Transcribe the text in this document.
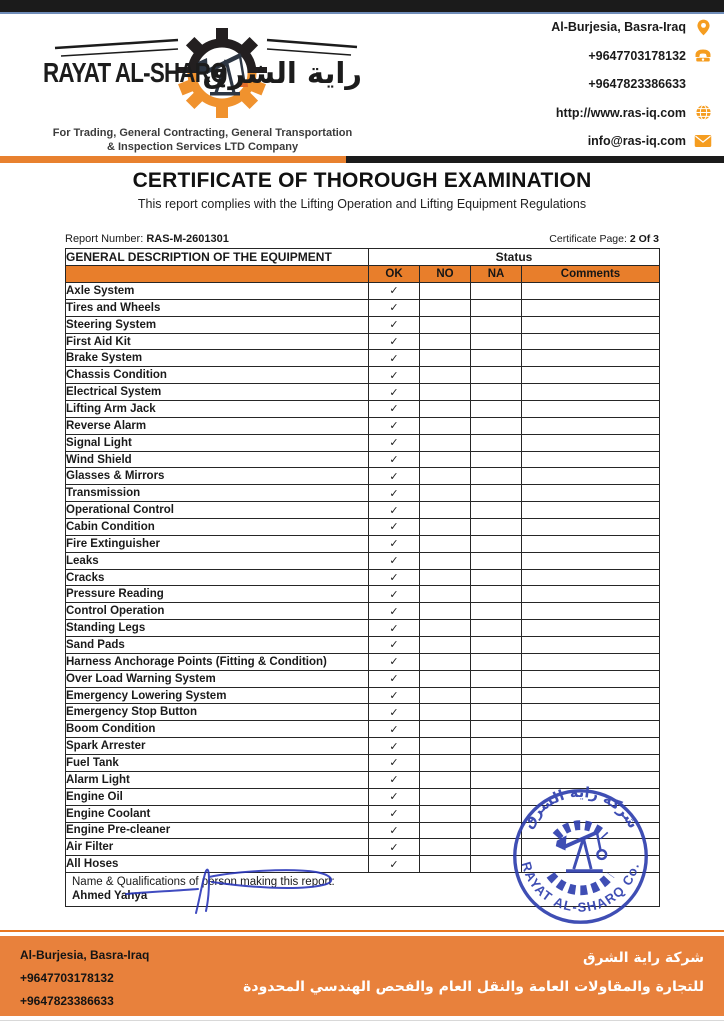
RAYAT AL-SHARQ
راية الشرق
For Trading, General Contracting, General Transportation
& Inspection Services LTD Company
Al-Burjesia, Basra-Iraq
+9647703178132
+9647823386633
http://www.ras-iq.com
info@ras-iq.com
CERTIFICATE OF THOROUGH EXAMINATION
This report complies with the Lifting Operation and Lifting Equipment Regulations
Report Number: RAS-M-2601301	Certificate Page: 2 Of 3
GENERAL DESCRIPTION OF THE EQUIPMENT	Status			
	OK	NO	NA	Comments
Axle System	✓			
Tires and Wheels	✓			
Steering System	✓			
First Aid Kit	✓			
Brake System	✓			
Chassis Condition	✓			
Electrical System	✓			
Lifting Arm Jack	✓			
Reverse Alarm	✓			
Signal Light	✓			
Wind Shield	✓			
Glasses & Mirrors	✓			
Transmission	✓			
Operational Control	✓			
Cabin Condition	✓			
Fire Extinguisher	✓			
Leaks	✓			
Cracks	✓			
Pressure Reading	✓			
Control Operation	✓			
Standing Legs	✓			
Sand Pads	✓			
Harness Anchorage Points (Fitting & Condition)	✓			
Over Load Warning System	✓			
Emergency Lowering System	✓			
Emergency Stop Button	✓			
Boom Condition	✓			
Spark Arrester	✓			
Fuel Tank	✓			
Alarm Light	✓			
Engine Oil	✓			
Engine Coolant	✓			
Engine Pre-cleaner	✓			
Air Filter	✓			
All Hoses	✓			

Name & Qualifications of person making this report:
Ahmed Yahya				
شركة راية الشرق
RAYAT AL-SHARQ Co.
Al-Burjesia, Basra-Iraq
+9647703178132
+9647823386633
شركة راية الشرق
للتجارة والمقاولات العامة والنقل العام والفحص الهندسي المحدودة
